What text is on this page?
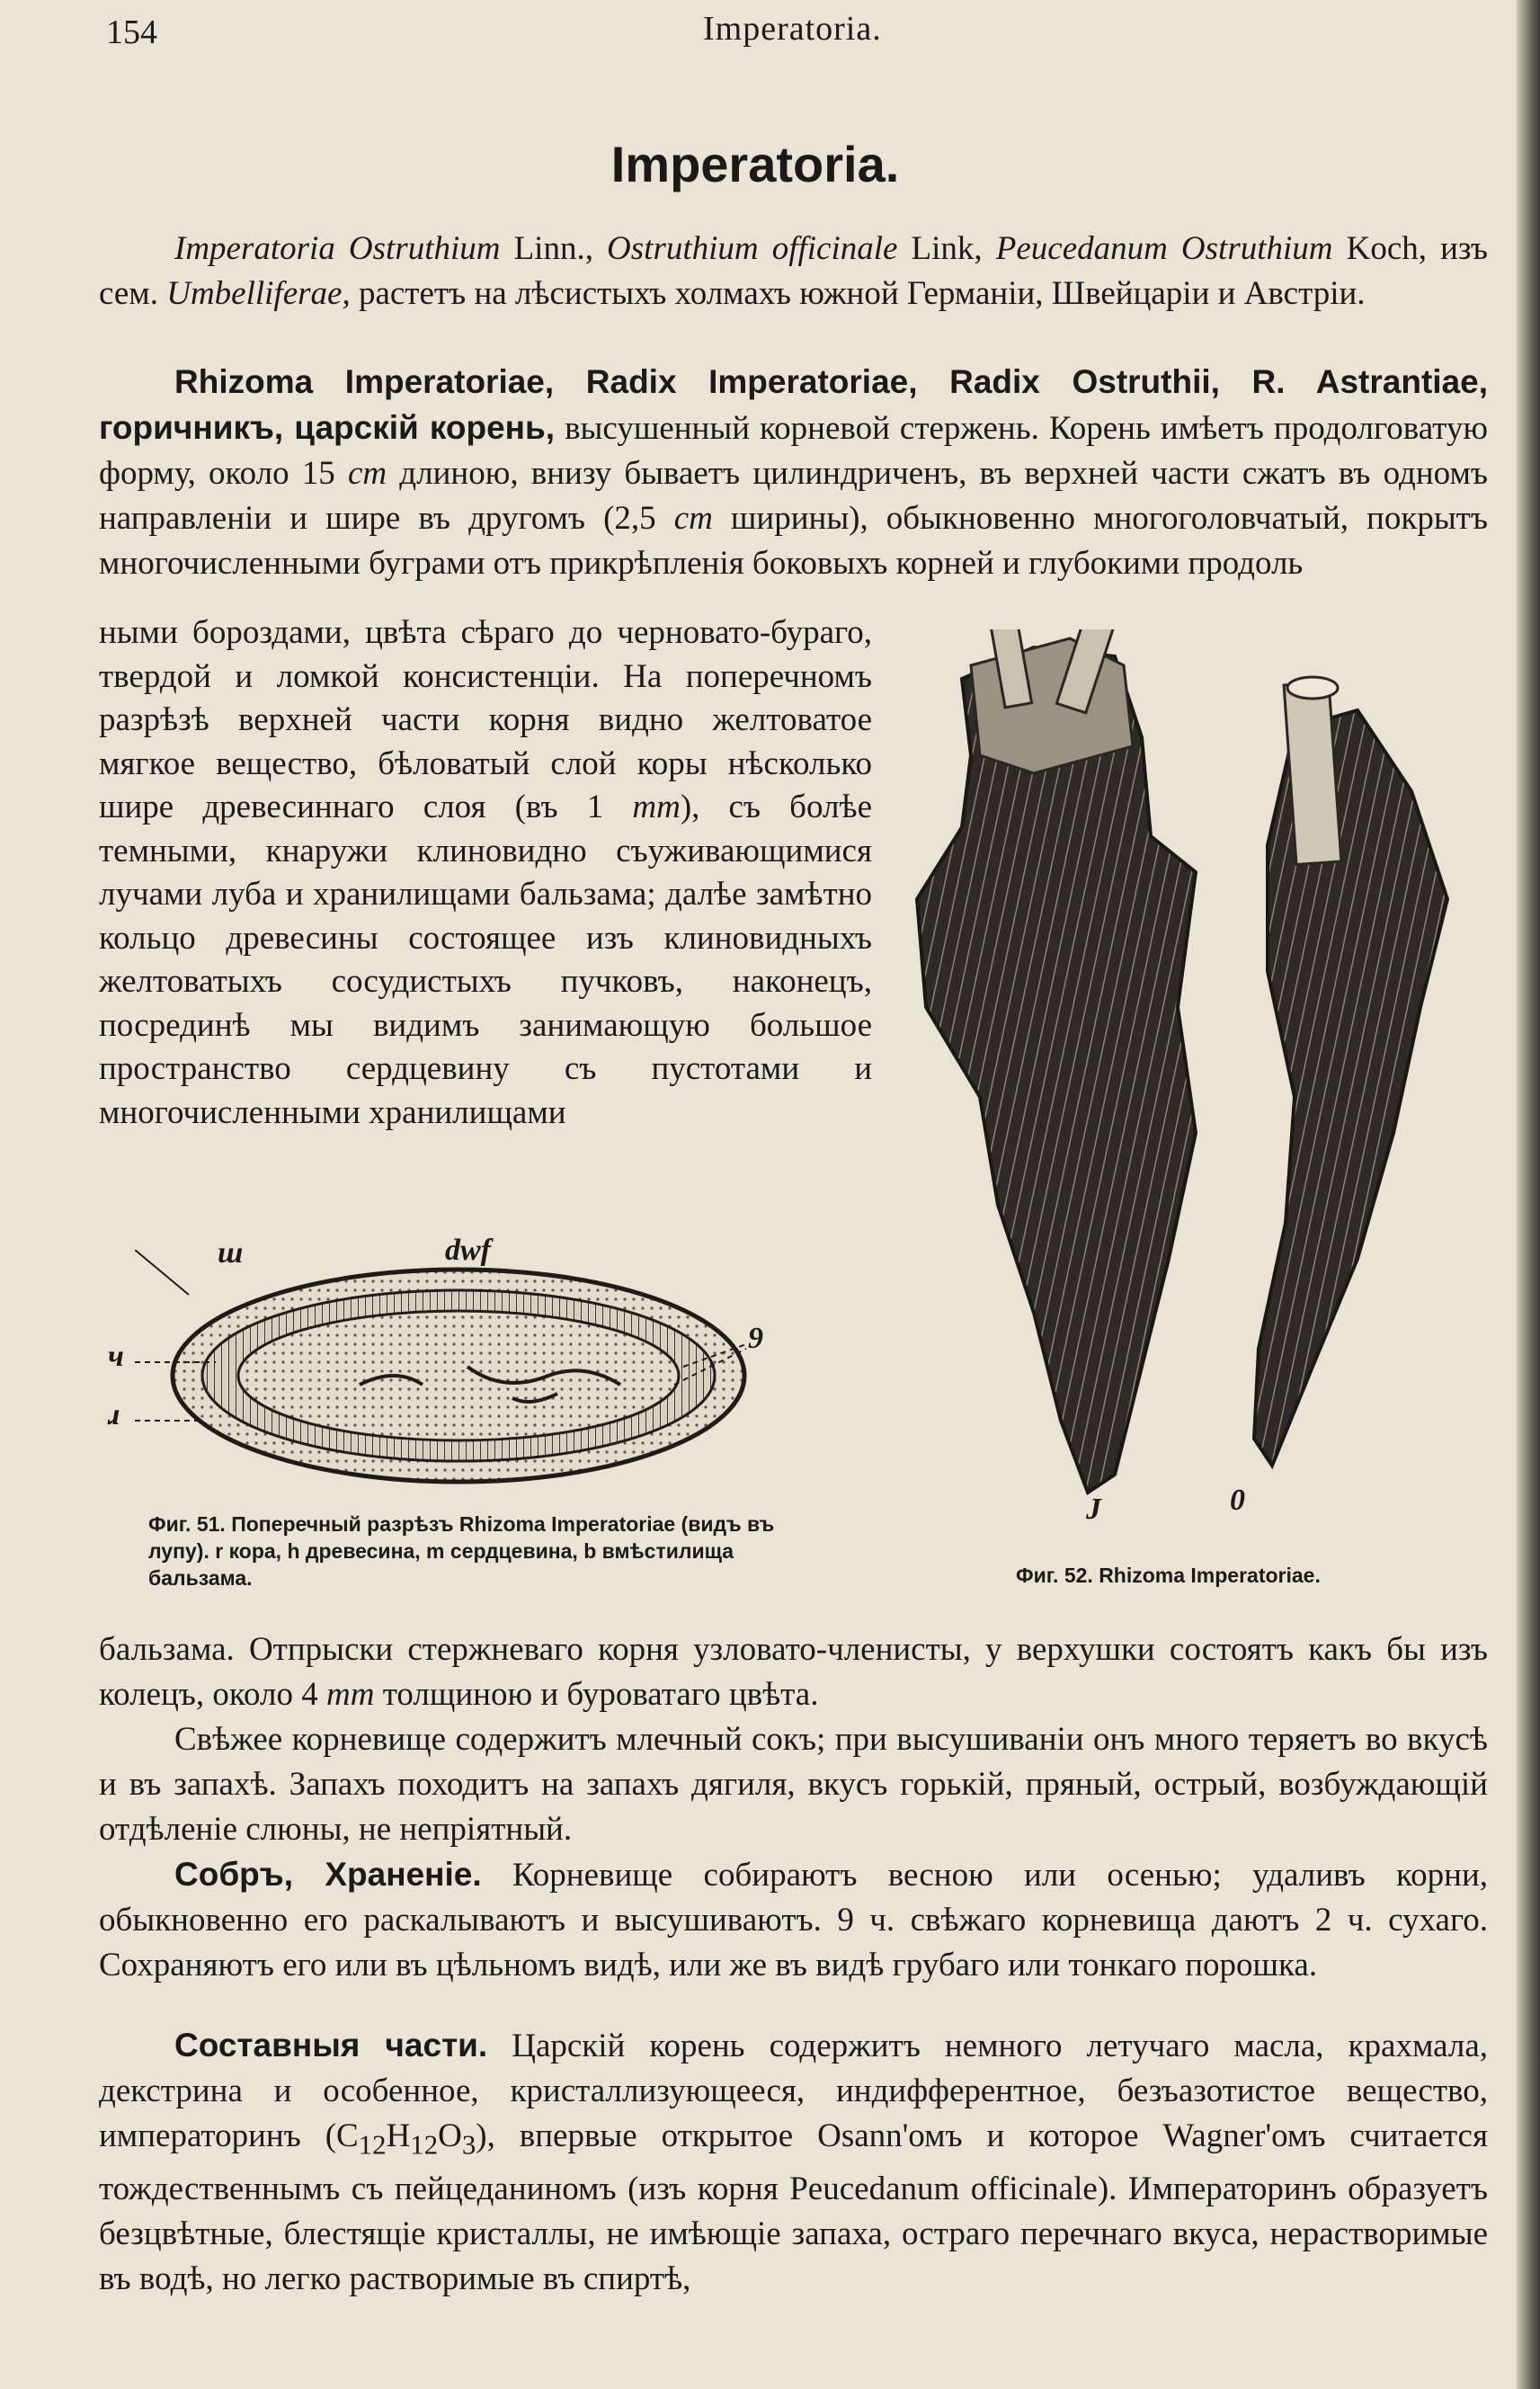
154	Imperatoria.
Imperatoria.

Imperatoria Ostruthium Linn., Ostruthium officinale Link, Peucedanum Ostruthium Koch, изъ сем. Umbelliferae, растетъ на лѣсистыхъ холмахъ южной Германіи, Швейцаріи и Австріи.

Rhizoma Imperatoriae, Radix Imperatoriae, Radix Ostruthii, R. Astrantiae, горичникъ, царскій корень, высушенный корневой стержень. Корень имѣетъ продолговатую форму, около 15 cm длиною, внизу бываетъ цилиндриченъ, въ верхней части сжатъ въ одномъ направленіи и шире въ другомъ (2,5 cm ширины), обыкновенно многоголовчатый, покрытъ многочисленными буграми отъ прикрѣпленія боковыхъ корней и глубокими продоль

ными бороздами, цвѣта сѣраго до черновато-бураго, твердой и ломкой консистенціи. На поперечномъ разрѣзѣ верхней части корня видно желтоватое мягкое вещество, бѣловатый слой коры нѣсколько шире древесиннаго слоя (въ 1 mm), съ болѣе темными, кнаружи клиновидно съуживающимися лучами луба и хранилищами бальзама; далѣе замѣтно кольцо древесины состоящее изъ клиновидныхъ желтоватыхъ сосудистыхъ пучковъ, наконецъ, посрединѣ мы видимъ занимающую большое пространство сердцевину съ пустотами и многочисленными хранилищами

J	0
Фиг. 52. Rhizoma Imperatoriae.
ш	dwf
ч
ɹ
9
Фиг. 51. Поперечный разрѣзъ Rhizoma Imperatoriae (видъ въ лупу). r кора, h древесина, m сердцевина, b вмѣстилища бальзама.

бальзама. Отпрыски стержневаго корня узловато-членисты, у верхушки состоятъ какъ бы изъ колецъ, около 4 mm толщиною и буроватаго цвѣта.

Свѣжее корневище содержитъ млечный сокъ; при высушиваніи онъ много теряетъ во вкусѣ и въ запахѣ. Запахъ походитъ на запахъ дягиля, вкусъ горькій, пряный, острый, возбуждающій отдѣленіе слюны, не непріятный.

Собръ, Храненіе. Корневище собираютъ весною или осенью; удаливъ корни, обыкновенно его раскалываютъ и высушиваютъ. 9 ч. свѣжаго корневища даютъ 2 ч. сухаго. Сохраняютъ его или въ цѣльномъ видѣ, или же въ видѣ грубаго или тонкаго порошка.

Составныя части. Царскій корень содержитъ немного летучаго масла, крахмала, декстрина и особенное, кристаллизующееся, индифферентное, безъазотистое вещество, императоринъ $(C_{12}H_{12}O_3)$, впервые открытое Osann'омъ и которое Wagner'омъ считается тождественнымъ съ пейцеданиномъ (изъ корня Peucedanum officinale). Императоринъ образуетъ безцвѣтные, блестящіе кристаллы, не имѣющіе запаха, остраго перечнаго вкуса, нерастворимые въ водѣ, но легко растворимые въ спиртѣ,
